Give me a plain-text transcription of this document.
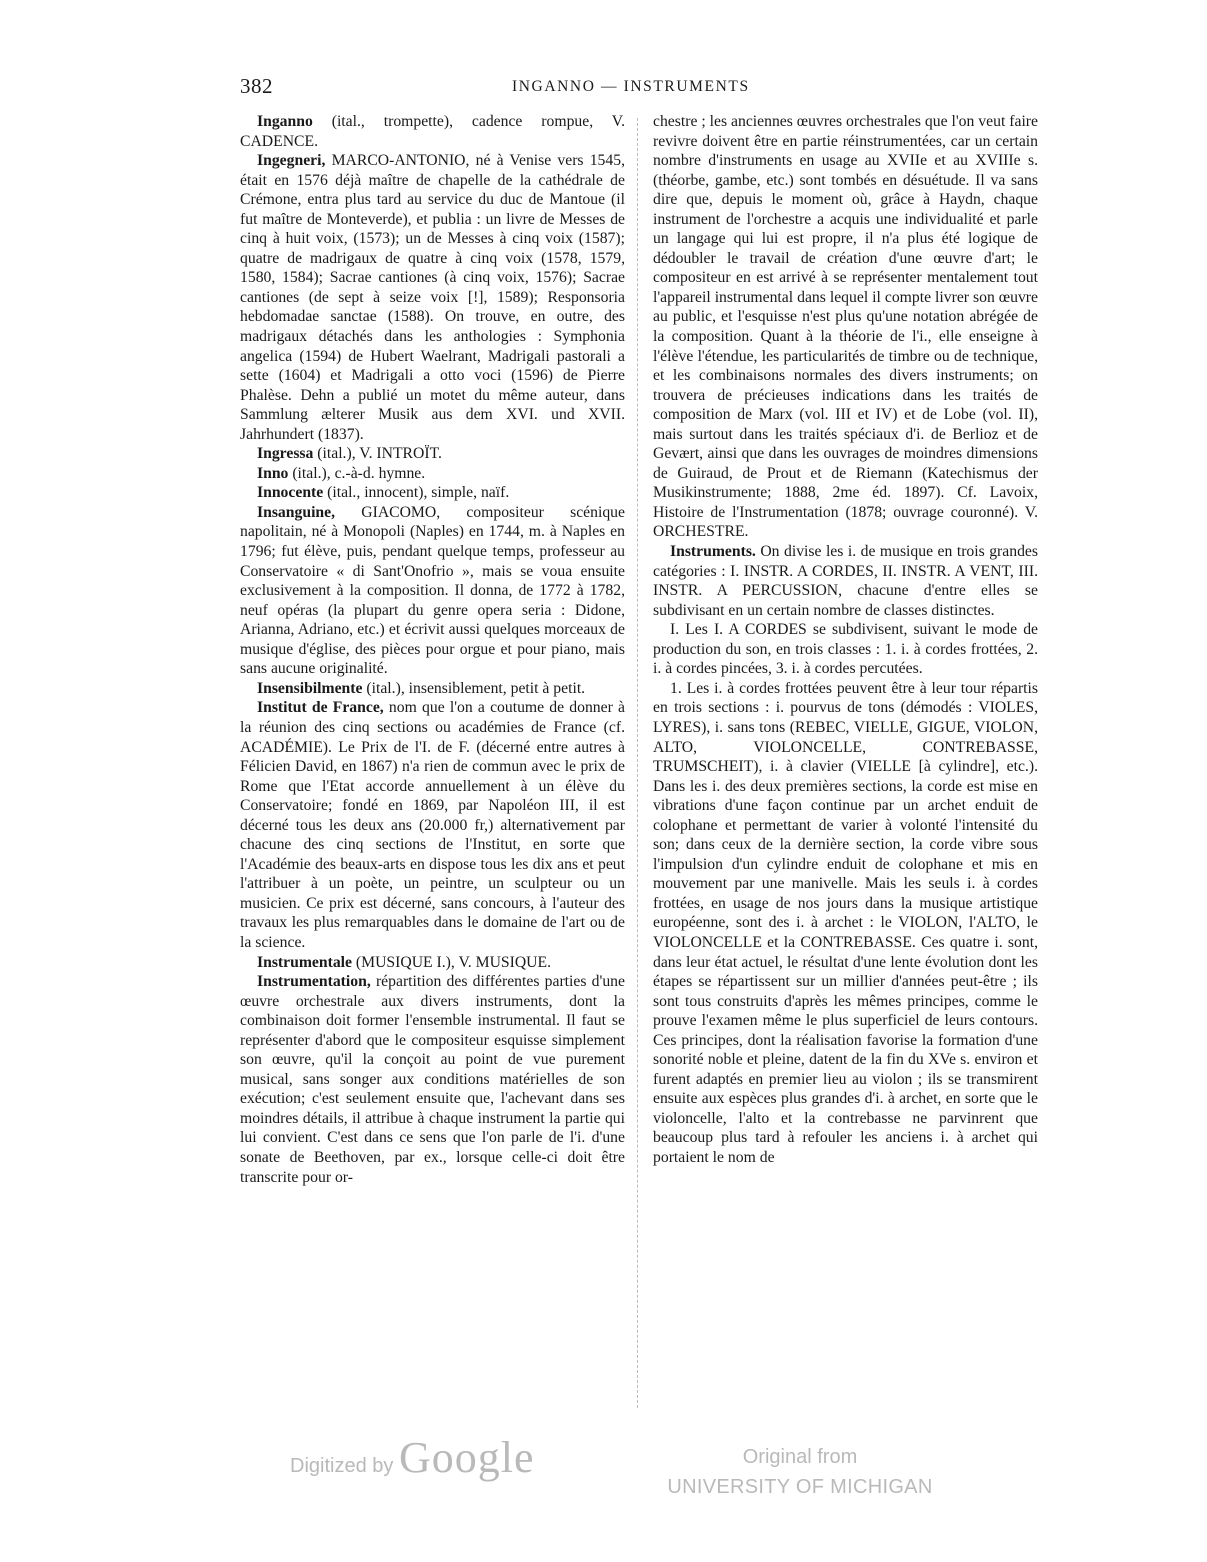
382	INGANNO — INSTRUMENTS

Inganno (ital., trompette), cadence rompue, V. CADENCE.

Ingegneri, MARCO-ANTONIO, né à Venise vers 1545, était en 1576 déjà maître de chapelle de la cathédrale de Crémone, entra plus tard au service du duc de Mantoue (il fut maître de Monteverde), et publia : un livre de Messes de cinq à huit voix, (1573); un de Messes à cinq voix (1587); quatre de madrigaux de quatre à cinq voix (1578, 1579, 1580, 1584); Sacrae cantiones (à cinq voix, 1576); Sacrae cantiones (de sept à seize voix [!], 1589); Responsoria hebdomadae sanctae (1588). On trouve, en outre, des madrigaux détachés dans les anthologies : Symphonia angelica (1594) de Hubert Waelrant, Madrigali pastorali a sette (1604) et Madrigali a otto voci (1596) de Pierre Phalèse. Dehn a publié un motet du même auteur, dans Sammlung ælterer Musik aus dem XVI. und XVII. Jahrhundert (1837).

Ingressa (ital.), V. INTROÏT.

Inno (ital.), c.-à-d. hymne.

Innocente (ital., innocent), simple, naïf.

Insanguine, GIACOMO, compositeur scénique napolitain, né à Monopoli (Naples) en 1744, m. à Naples en 1796; fut élève, puis, pendant quelque temps, professeur au Conservatoire « di Sant'Onofrio », mais se voua ensuite exclusivement à la composition. Il donna, de 1772 à 1782, neuf opéras (la plupart du genre opera seria : Didone, Arianna, Adriano, etc.) et écrivit aussi quelques morceaux de musique d'église, des pièces pour orgue et pour piano, mais sans aucune originalité.

Insensibilmente (ital.), insensiblement, petit à petit.

Institut de France, nom que l'on a coutume de donner à la réunion des cinq sections ou académies de France (cf. ACADÉMIE). Le Prix de l'I. de F. (décerné entre autres à Félicien David, en 1867) n'a rien de commun avec le prix de Rome que l'Etat accorde annuellement à un élève du Conservatoire; fondé en 1869, par Napoléon III, il est décerné tous les deux ans (20.000 fr,) alternativement par chacune des cinq sections de l'Institut, en sorte que l'Académie des beaux-arts en dispose tous les dix ans et peut l'attribuer à un poète, un peintre, un sculpteur ou un musicien. Ce prix est décerné, sans concours, à l'auteur des travaux les plus remarquables dans le domaine de l'art ou de la science.

Instrumentale (MUSIQUE I.), V. MUSIQUE.

Instrumentation, répartition des différentes parties d'une œuvre orchestrale aux divers instruments, dont la combinaison doit former l'ensemble instrumental. Il faut se représenter d'abord que le compositeur esquisse simplement son œuvre, qu'il la conçoit au point de vue purement musical, sans songer aux conditions matérielles de son exécution; c'est seulement ensuite que, l'achevant dans ses moindres détails, il attribue à chaque instrument la partie qui lui convient. C'est dans ce sens que l'on parle de l'i. d'une sonate de Beethoven, par ex., lorsque celle-ci doit être transcrite pour or-

chestre ; les anciennes œuvres orchestrales que l'on veut faire revivre doivent être en partie réinstrumentées, car un certain nombre d'instruments en usage au XVIIe et au XVIIIe s. (théorbe, gambe, etc.) sont tombés en désuétude. Il va sans dire que, depuis le moment où, grâce à Haydn, chaque instrument de l'orchestre a acquis une individualité et parle un langage qui lui est propre, il n'a plus été logique de dédoubler le travail de création d'une œuvre d'art; le compositeur en est arrivé à se représenter mentalement tout l'appareil instrumental dans lequel il compte livrer son œuvre au public, et l'esquisse n'est plus qu'une notation abrégée de la composition. Quant à la théorie de l'i., elle enseigne à l'élève l'étendue, les particularités de timbre ou de technique, et les combinaisons normales des divers instruments; on trouvera de précieuses indications dans les traités de composition de Marx (vol. III et IV) et de Lobe (vol. II), mais surtout dans les traités spéciaux d'i. de Berlioz et de Gevært, ainsi que dans les ouvrages de moindres dimensions de Guiraud, de Prout et de Riemann (Katechismus der Musikinstrumente; 1888, 2me éd. 1897). Cf. Lavoix, Histoire de l'Instrumentation (1878; ouvrage couronné). V. ORCHESTRE.

Instruments. On divise les i. de musique en trois grandes catégories : I. INSTR. A CORDES, II. INSTR. A VENT, III. INSTR. A PERCUSSION, chacune d'entre elles se subdivisant en un certain nombre de classes distinctes.

I. Les I. A CORDES se subdivisent, suivant le mode de production du son, en trois classes : 1. i. à cordes frottées, 2. i. à cordes pincées, 3. i. à cordes percutées.

1. Les i. à cordes frottées peuvent être à leur tour répartis en trois sections : i. pourvus de tons (démodés : VIOLES, LYRES), i. sans tons (REBEC, VIELLE, GIGUE, VIOLON, ALTO, VIOLONCELLE, CONTREBASSE, TRUMSCHEIT), i. à clavier (VIELLE [à cylindre], etc.). Dans les i. des deux premières sections, la corde est mise en vibrations d'une façon continue par un archet enduit de colophane et permettant de varier à volonté l'intensité du son; dans ceux de la dernière section, la corde vibre sous l'impulsion d'un cylindre enduit de colophane et mis en mouvement par une manivelle. Mais les seuls i. à cordes frottées, en usage de nos jours dans la musique artistique européenne, sont des i. à archet : le VIOLON, l'ALTO, le VIOLONCELLE et la CONTREBASSE. Ces quatre i. sont, dans leur état actuel, le résultat d'une lente évolution dont les étapes se répartissent sur un millier d'années peut-être ; ils sont tous construits d'après les mêmes principes, comme le prouve l'examen même le plus superficiel de leurs contours. Ces principes, dont la réalisation favorise la formation d'une sonorité noble et pleine, datent de la fin du XVe s. environ et furent adaptés en premier lieu au violon ; ils se transmirent ensuite aux espèces plus grandes d'i. à archet, en sorte que le violoncelle, l'alto et la contrebasse ne parvinrent que beaucoup plus tard à refouler les anciens i. à archet qui portaient le nom de

Digitized by Google	Original from
UNIVERSITY OF MICHIGAN
